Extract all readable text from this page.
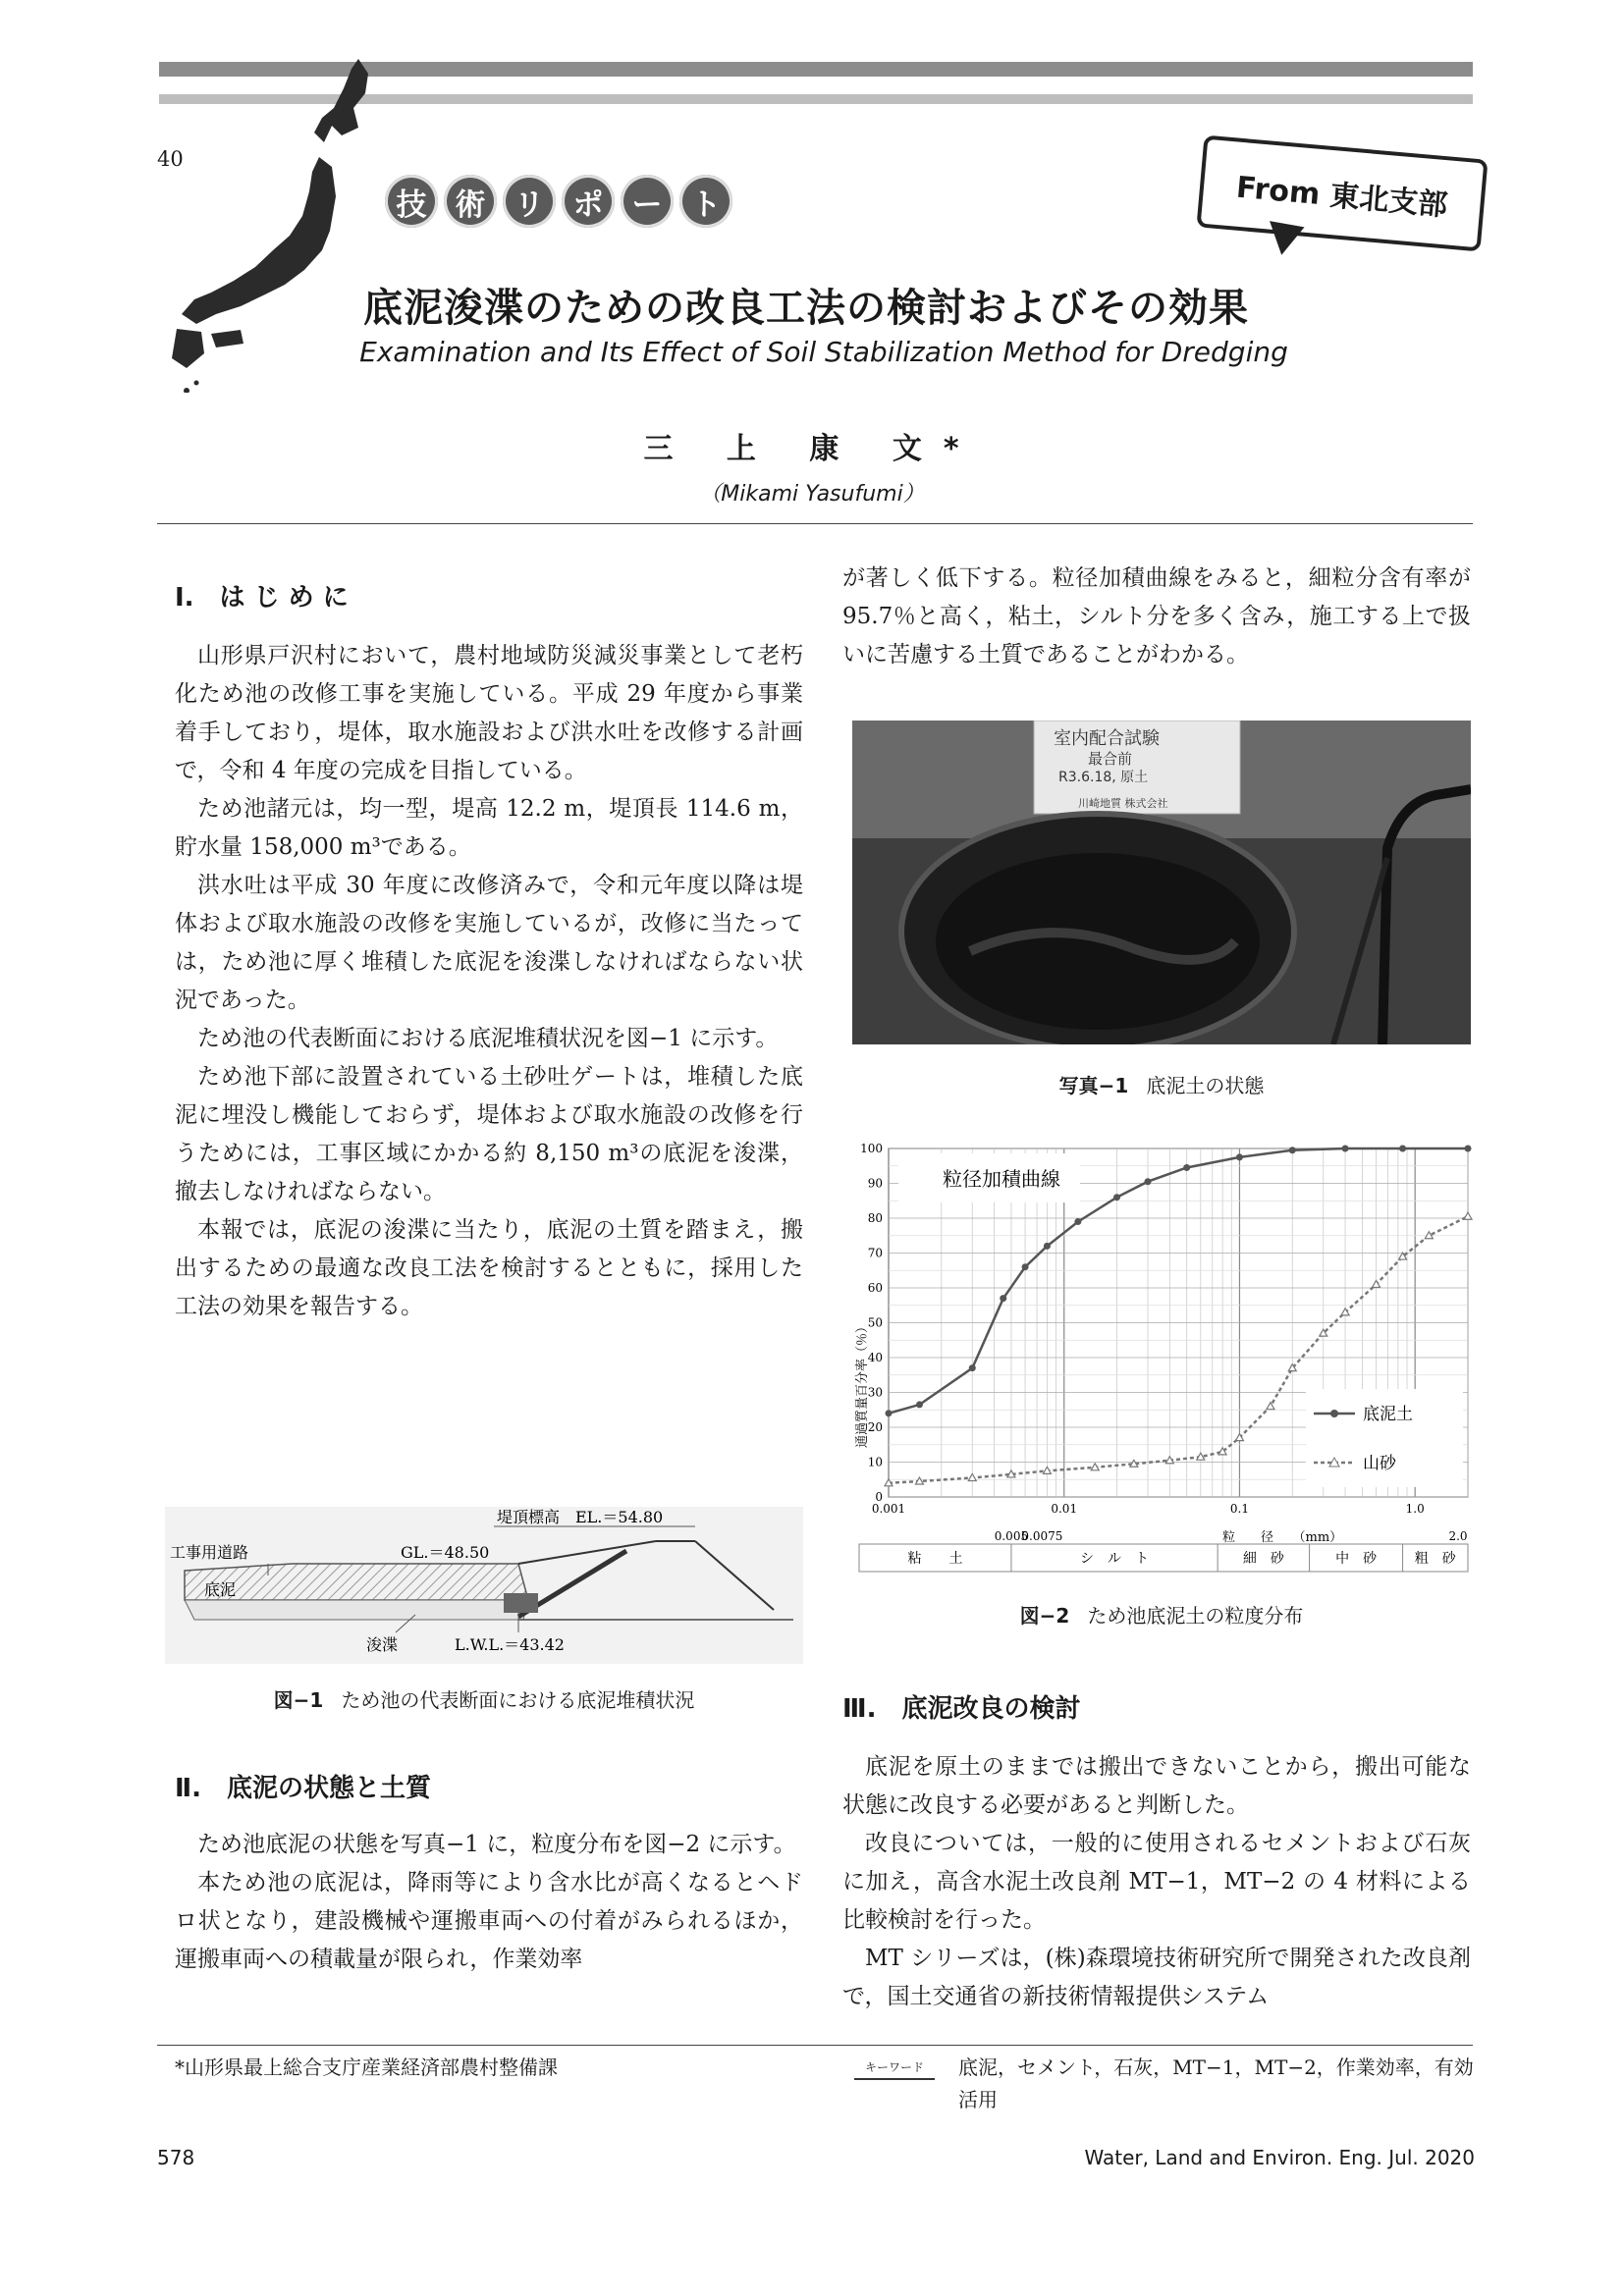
40
技 術 リ ポ ー ト	From 東北支部
底泥浚渫のための改良工法の検討およびその効果
Examination and Its Effect of Soil Stabilization Method for Dredging
三 上 康 文*
（Mikami Yasufumi）
Ⅰ.　は じ め に

山形県戸沢村において，農村地域防災減災事業として老朽化ため池の改修工事を実施している。平成 29 年度から事業着手しており，堤体，取水施設および洪水吐を改修する計画で，令和 4 年度の完成を目指している。

ため池諸元は，均一型，堤高 12.2 m，堤頂長 114.6 m，貯水量 158,000 m³である。

洪水吐は平成 30 年度に改修済みで，令和元年度以降は堤体および取水施設の改修を実施しているが，改修に当たっては，ため池に厚く堆積した底泥を浚渫しなければならない状況であった。

ため池の代表断面における底泥堆積状況を図−1 に示す。

ため池下部に設置されている土砂吐ゲートは，堆積した底泥に埋没し機能しておらず，堤体および取水施設の改修を行うためには，工事区域にかかる約 8,150 m³の底泥を浚渫，撤去しなければならない。

本報では，底泥の浚渫に当たり，底泥の土質を踏まえ，搬出するための最適な改良工法を検討するとともに，採用した工法の効果を報告する。

堤頂標高　EL.＝54.80
工事用道路	GL.＝48.50
底泥
浚渫	L.W.L.＝43.42
図−1 ため池の代表断面における底泥堆積状況
Ⅱ.　底泥の状態と土質

ため池底泥の状態を写真−1 に，粒度分布を図−2 に示す。

本ため池の底泥は，降雨等により含水比が高くなるとヘドロ状となり，建設機械や運搬車両への付着がみられるほか，運搬車両への積載量が限られ，作業効率

が著しく低下する。粒径加積曲線をみると，細粒分含有率が 95.7％と高く，粘土，シルト分を多く含み，施工する上で扱いに苦慮する土質であることがわかる。

室内配合試験
最合前
R3.6.18, 原土
川崎地質 株式会社
写真−1 底泥土の状態
0
10
20
30
40
50
60
70
80
90
100
0.001	0.01	0.1	1.0
0.005
0.0075	2.0
粒径加積曲線
通過質量百分率（％）
粒　　径　　（mm）
底泥土
山砂
粘　　土	シ　ル　ト	細　砂	中　砂	粗　砂
図−2 ため池底泥土の粒度分布
Ⅲ.　底泥改良の検討

底泥を原土のままでは搬出できないことから，搬出可能な状態に改良する必要があると判断した。

改良については，一般的に使用されるセメントおよび石灰に加え，高含水泥土改良剤 MT−1，MT−2 の 4 材料による比較検討を行った。

MT シリーズは，(株)森環境技術研究所で開発された改良剤で，国土交通省の新技術情報提供システム

*山形県最上総合支庁産業経済部農村整備課	キーワード	底泥，セメント，石灰，MT−1，MT−2，作業効率，有効活用
578	Water, Land and Environ. Eng. Jul. 2020
